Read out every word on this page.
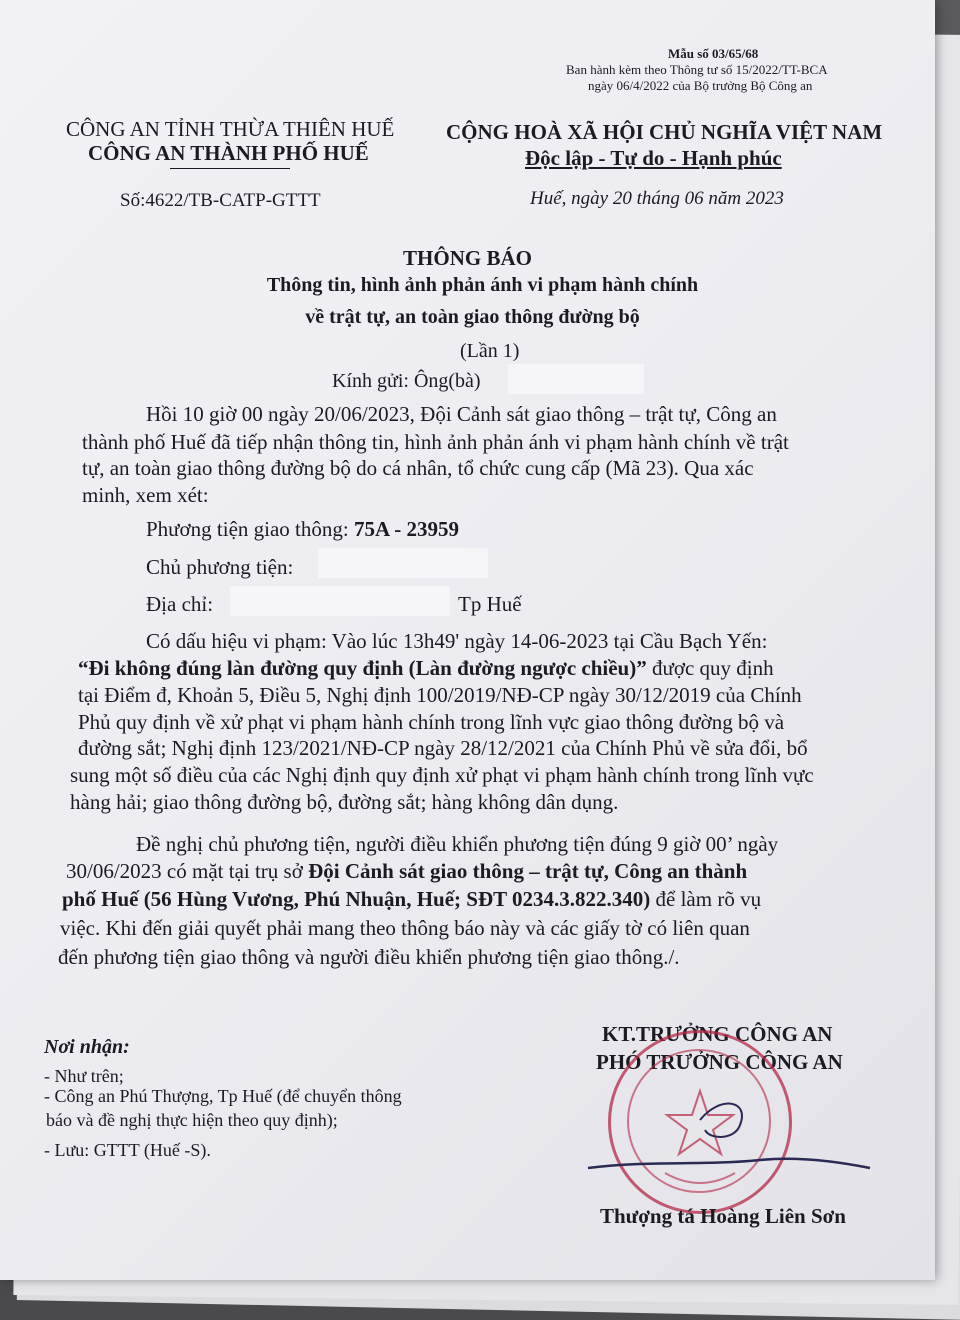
Mẫu số 03/65/68
Ban hành kèm theo Thông tư số 15/2022/TT-BCA
ngày 06/4/2022 của Bộ trưởng Bộ Công an
CÔNG AN TỈNH THỪA THIÊN HUẾ
CÔNG AN THÀNH PHỐ HUẾ
Số:4622/TB-CATP-GTTT
CỘNG HOÀ XÃ HỘI CHỦ NGHĨA VIỆT NAM
Độc lập - Tự do - Hạnh phúc
Huế, ngày 20 tháng 06 năm 2023
THÔNG BÁO
Thông tin, hình ảnh phản ánh vi phạm hành chính
về trật tự, an toàn giao thông đường bộ
(Lần 1)
Kính gửi: Ông(bà)
Hồi 10 giờ 00 ngày 20/06/2023, Đội Cảnh sát giao thông – trật tự, Công an
thành phố Huế đã tiếp nhận thông tin, hình ảnh phản ánh vi phạm hành chính về trật
tự, an toàn giao thông đường bộ do cá nhân, tổ chức cung cấp (Mã 23). Qua xác
minh, xem xét:
Phương tiện giao thông: 75A - 23959
Chủ phương tiện:
Địa chỉ:	Tp Huế
Có dấu hiệu vi phạm: Vào lúc 13h49' ngày 14-06-2023 tại Cầu Bạch Yến:
“Đi không đúng làn đường quy định (Làn đường ngược chiều)” được quy định
tại Điểm đ, Khoản 5, Điều 5, Nghị định 100/2019/NĐ-CP ngày 30/12/2019 của Chính
Phủ quy định về xử phạt vi phạm hành chính trong lĩnh vực giao thông đường bộ và
đường sắt; Nghị định 123/2021/NĐ-CP ngày 28/12/2021 của Chính Phủ về sửa đổi, bổ
sung một số điều của các Nghị định quy định xử phạt vi phạm hành chính trong lĩnh vực
hàng hải; giao thông đường bộ, đường sắt; hàng không dân dụng.
Đề nghị chủ phương tiện, người điều khiển phương tiện đúng 9 giờ 00’ ngày
30/06/2023 có mặt tại trụ sở Đội Cảnh sát giao thông – trật tự, Công an thành
phố Huế (56 Hùng Vương, Phú Nhuận, Huế; SĐT 0234.3.822.340) để làm rõ vụ
việc. Khi đến giải quyết phải mang theo thông báo này và các giấy tờ có liên quan
đến phương tiện giao thông và người điều khiển phương tiện giao thông./.
Nơi nhận:
- Như trên;
- Công an Phú Thượng, Tp Huế (để chuyển thông
báo và đề nghị thực hiện theo quy định);
- Lưu: GTTT (Huế -S).
KT.TRƯỞNG CÔNG AN
PHÓ TRƯỞNG CÔNG AN
Thượng tá Hoàng Liên Sơn
